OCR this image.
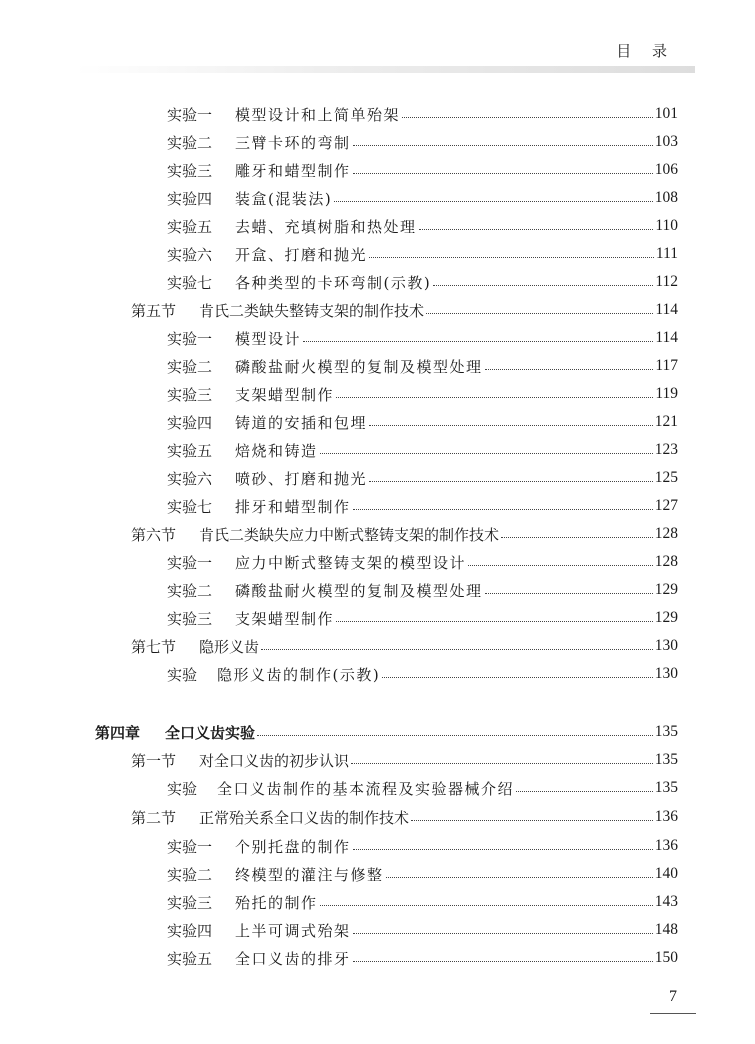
目 录
实验一	模型设计和上简单殆架	101
实验二	三臂卡环的弯制	103
实验三	雕牙和蜡型制作	106
实验四	装盒(混装法)	108
实验五	去蜡、充填树脂和热处理	110
实验六	开盒、打磨和抛光	111
实验七	各种类型的卡环弯制(示教)	112
第五节	肯氏二类缺失整铸支架的制作技术	114
实验一	模型设计	114
实验二	磷酸盐耐火模型的复制及模型处理	117
实验三	支架蜡型制作	119
实验四	铸道的安插和包埋	121
实验五	焙烧和铸造	123
实验六	喷砂、打磨和抛光	125
实验七	排牙和蜡型制作	127
第六节	肯氏二类缺失应力中断式整铸支架的制作技术	128
实验一	应力中断式整铸支架的模型设计	128
实验二	磷酸盐耐火模型的复制及模型处理	129
实验三	支架蜡型制作	129
第七节	隐形义齿	130
实验	隐形义齿的制作(示教)	130
第四章	全口义齿实验	135
第一节	对全口义齿的初步认识	135
实验	全口义齿制作的基本流程及实验器械介绍	135
第二节	正常殆关系全口义齿的制作技术	136
实验一	个别托盘的制作	136
实验二	终模型的灌注与修整	140
实验三	殆托的制作	143
实验四	上半可调式殆架	148
实验五	全口义齿的排牙	150
7
